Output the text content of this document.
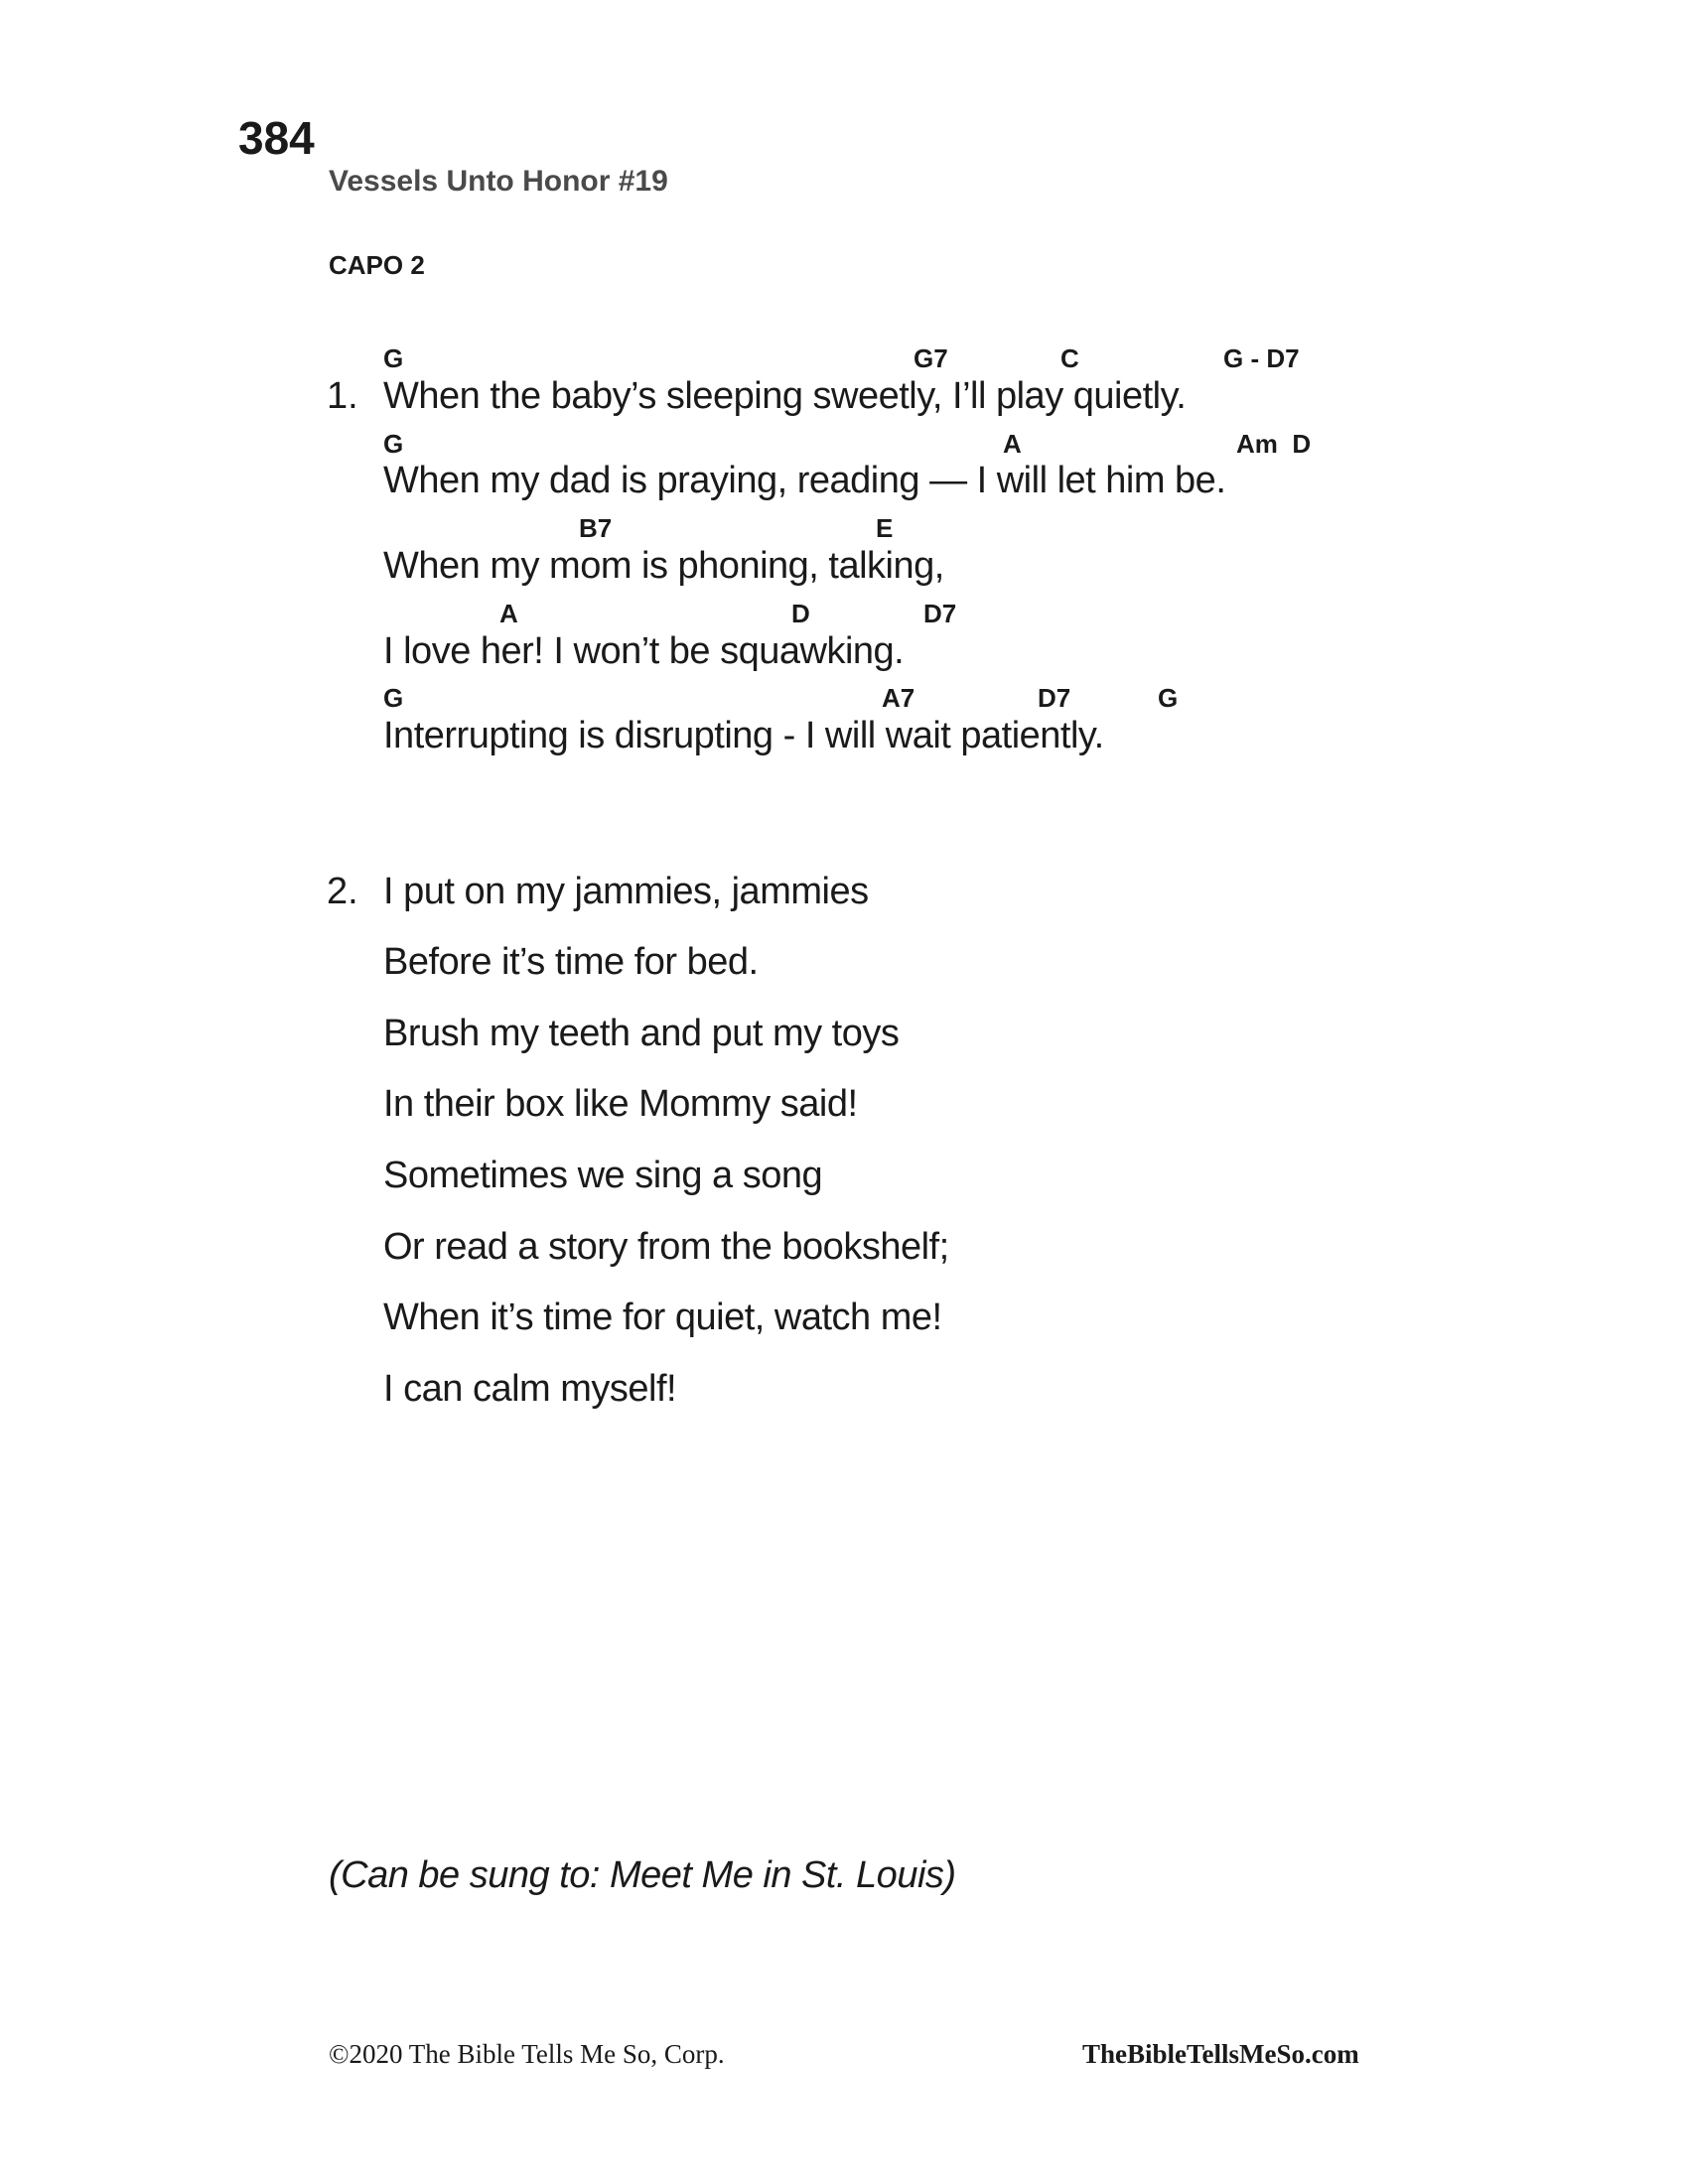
384
Vessels Unto Honor #19
CAPO 2
1.
G	G7	C	G - D7
When the baby’s sleeping sweetly, I’ll play quietly.
G	A	Am  D
When my dad is praying, reading — I will let him be.
B7	E
When my mom is phoning, talking,
A	D	D7
I love her! I won’t be squawking.
G	A7	D7	G
Interrupting is disrupting - I will wait patiently.
2. I put on my jammies, jammies
Before it’s time for bed.
Brush my teeth and put my toys
In their box like Mommy said!
Sometimes we sing a song
Or read a story from the bookshelf;
When it’s time for quiet, watch me!
I can calm myself!
(Can be sung to: Meet Me in St. Louis)
©2020 The Bible Tells Me So, Corp.	TheBibleTellsMeSo.com
